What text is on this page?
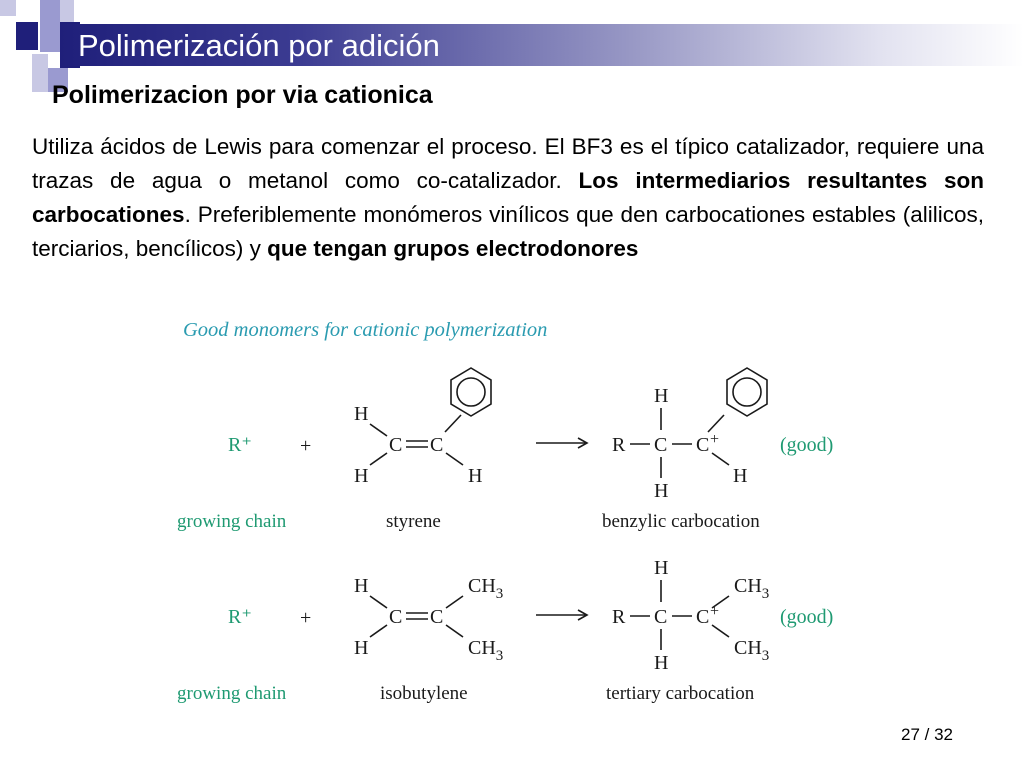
Polimerización por adición
Polimerizacion por via cationica

Utiliza ácidos de Lewis para comenzar el proceso. El BF3 es el típico catalizador, requiere una trazas de agua o metanol como co-catalizador. Los intermediarios resultantes son carbocationes. Preferiblemente monómeros vinílicos que den carbocationes estables (alilicos, terciarios, bencílicos) y que tengan grupos electrodonores

Good monomers for cationic polymerization
R⁺ +
H
H
C C
H
styrene
R C
H
H
C +
H
(good)
benzylic carbocation
growing chain
R⁺ +
H
H
C C
$CH_3$
$CH_3$
isobutylene
R C
H
H
C +
$CH_3$
$CH_3$
(good)
tertiary carbocation
growing chain
27 / 32
